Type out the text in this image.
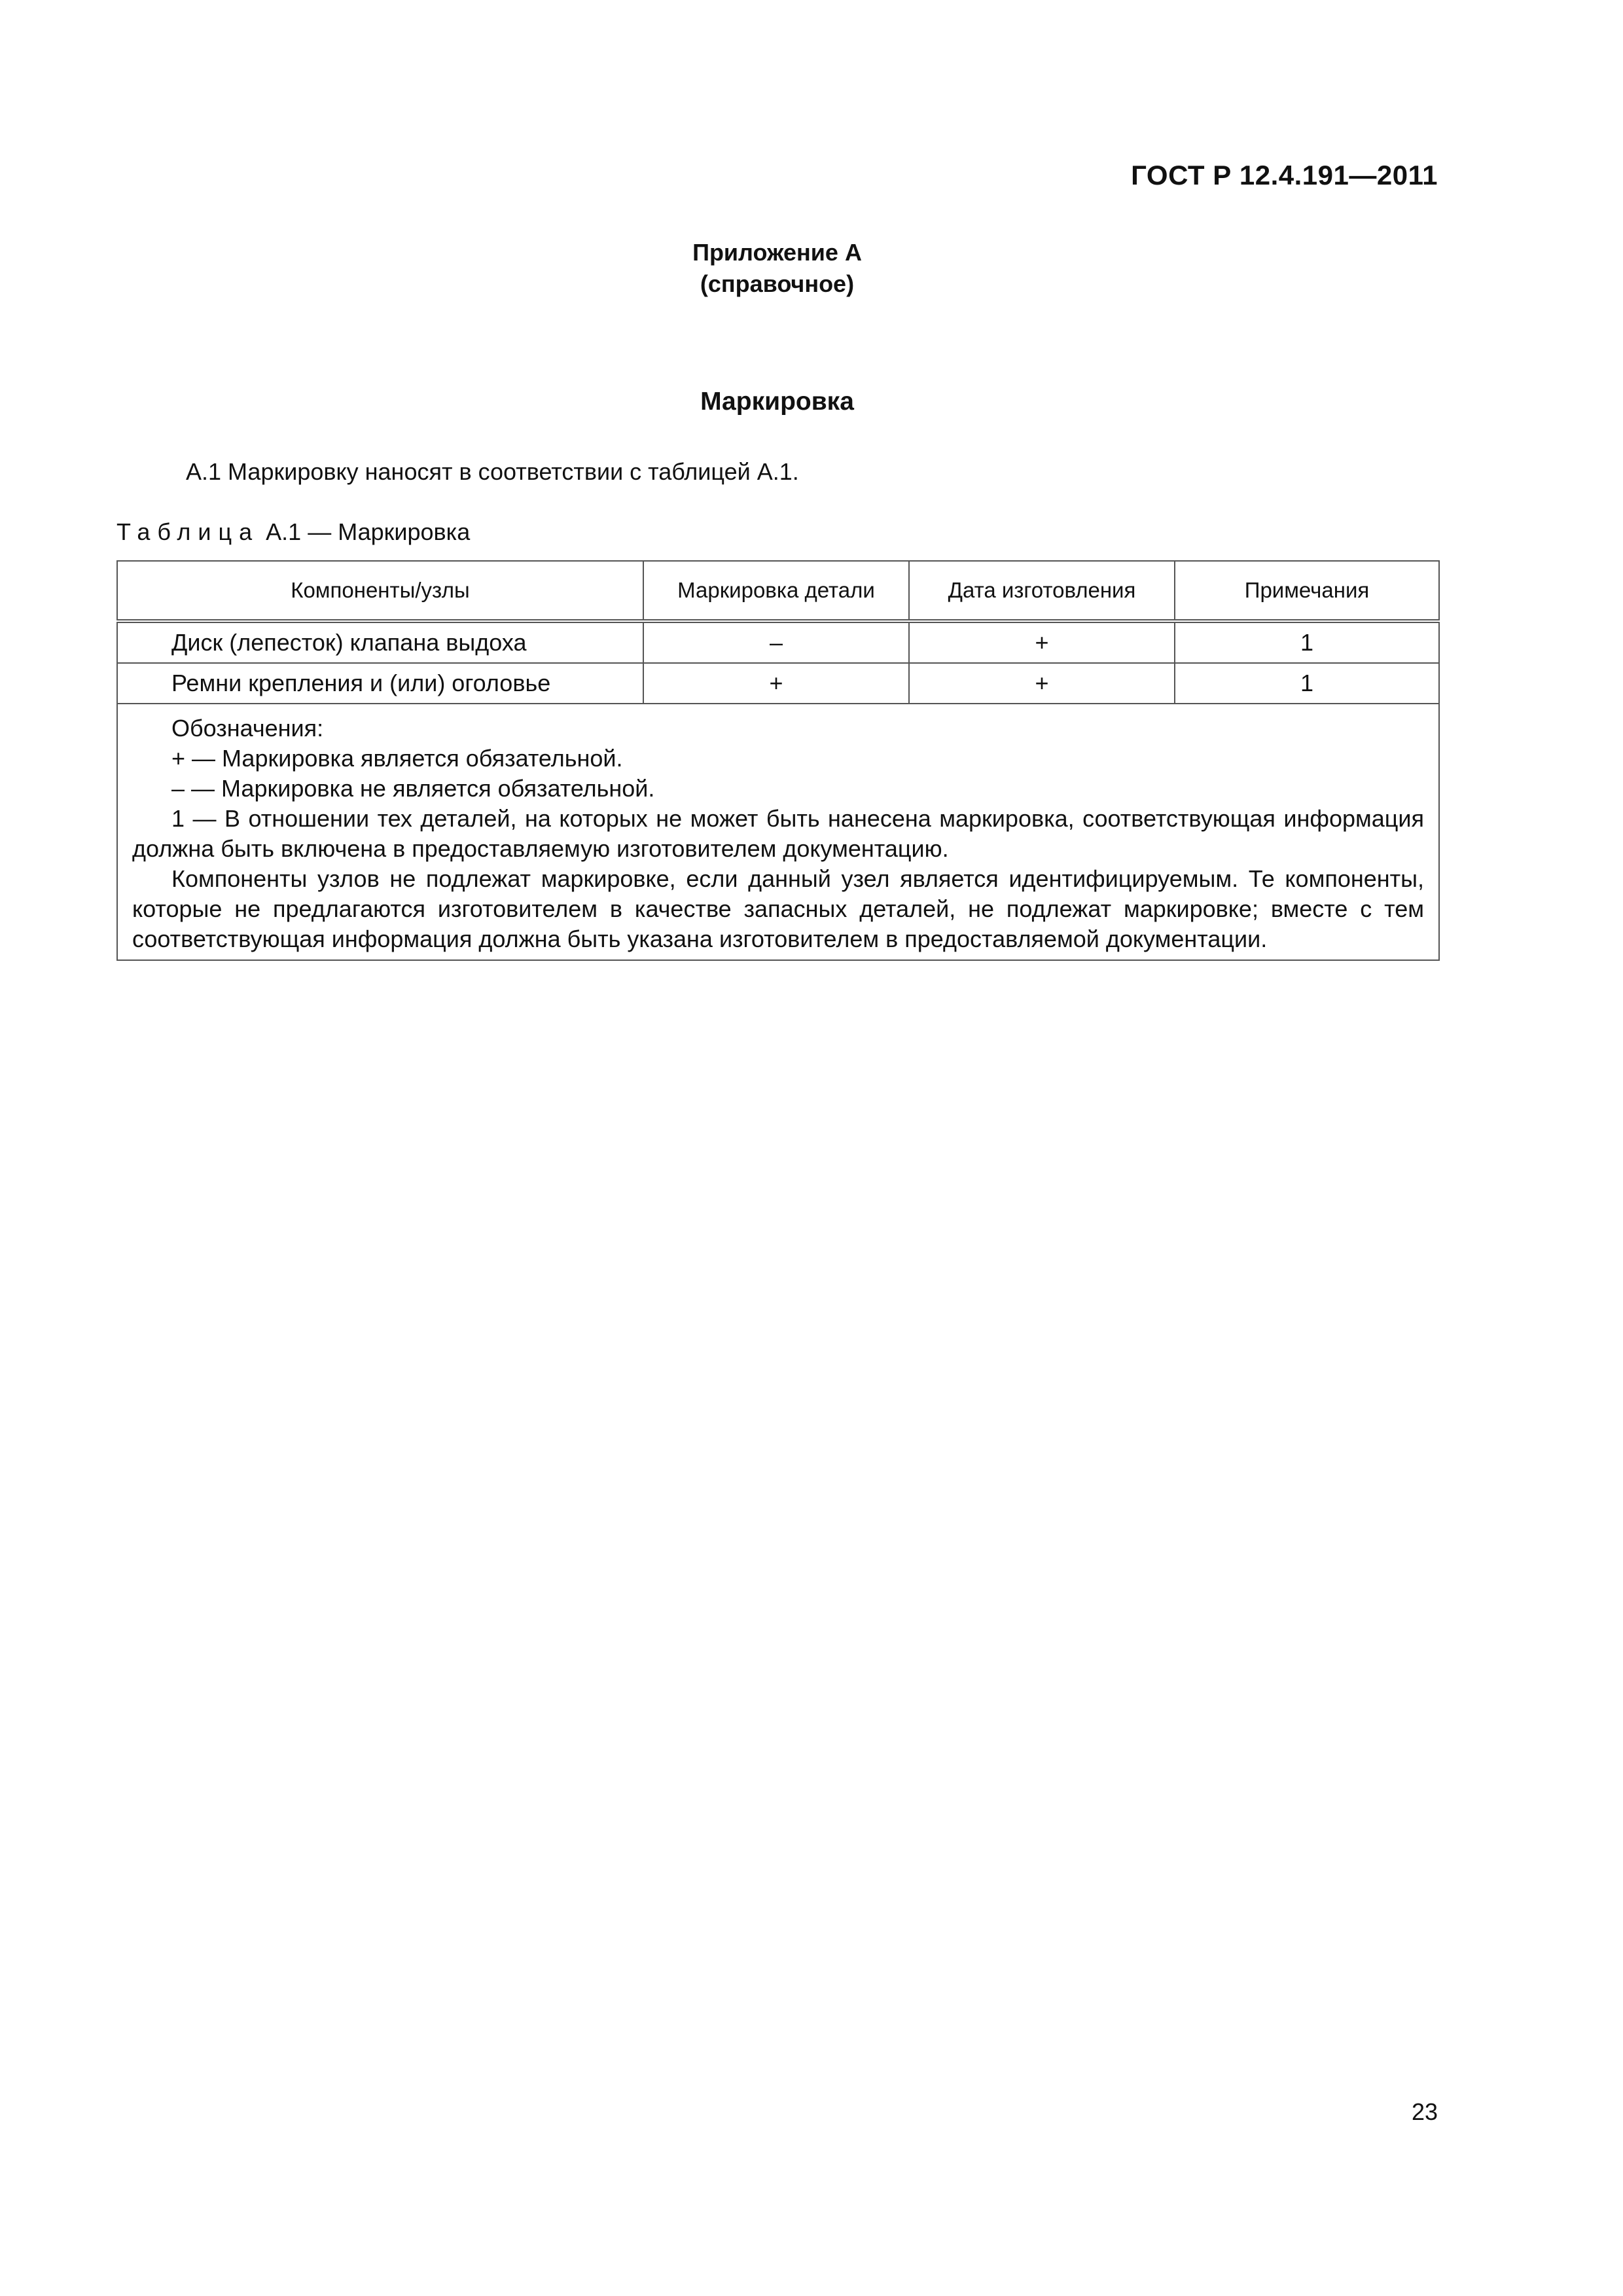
ГОСТ Р 12.4.191—2011
Приложение А
(справочное)
Маркировка
А.1 Маркировку наносят в соответствии с таблицей А.1.
Таблица А.1 — Маркировка
Компоненты/узлы	Маркировка детали	Дата изготовления	Примечания
Диск (лепесток) клапана выдоха	–	+	1
Ремни крепления и (или) оголовье	+	+	1

Обозначения:

+ — Маркировка является обязательной.

– — Маркировка не является обязательной.

1 — В отношении тех деталей, на которых не может быть нанесена маркировка, соответствующая информация должна быть включена в предоставляемую изготовителем документацию.

Компоненты узлов не подлежат маркировке, если данный узел является идентифицируемым. Те компоненты, которые не предлагаются изготовителем в качестве запасных деталей, не подлежат маркировке; вместе с тем соответствующая информация должна быть указана изготовителем в предоставляемой документации.			

23
